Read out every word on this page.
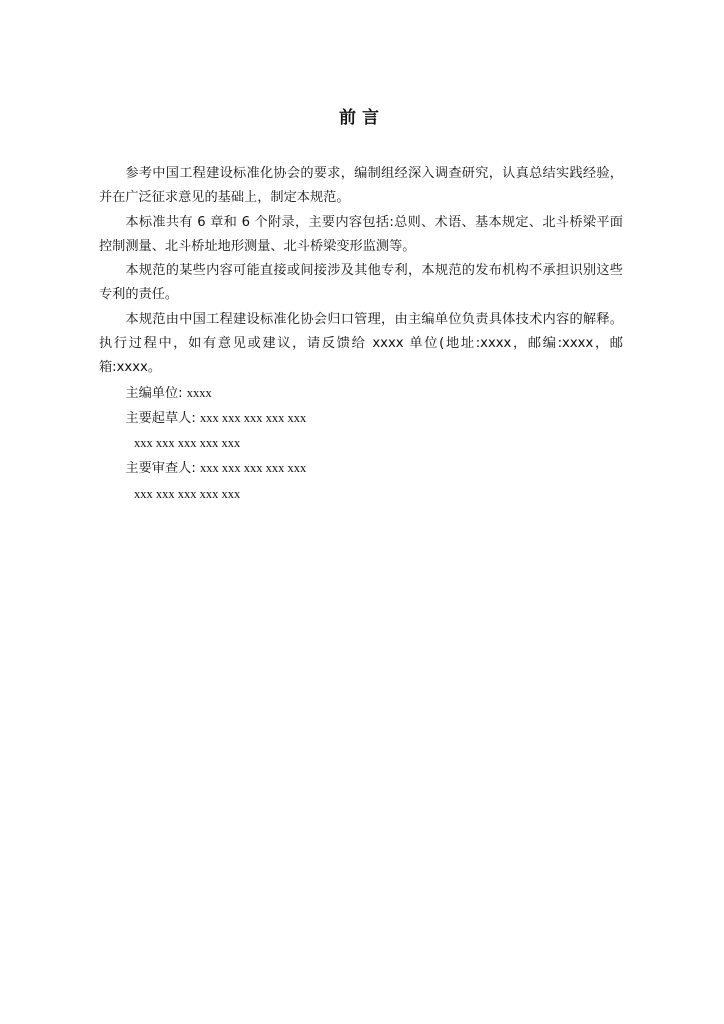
前言

参考中国工程建设标准化协会的要求，编制组经深入调查研究，认真总结实践经验，并在广泛征求意见的基础上，制定本规范。

本标准共有 6 章和 6 个附录，主要内容包括:总则、术语、基本规定、北斗桥梁平面控制测量、北斗桥址地形测量、北斗桥梁变形监测等。

本规范的某些内容可能直接或间接涉及其他专利，本规范的发布机构不承担识别这些专利的责任。

本规范由中国工程建设标准化协会归口管理，由主编单位负责具体技术内容的解释。执行过程中，如有意见或建议，请反馈给 xxxx 单位(地址:xxxx，邮编:xxxx，邮箱:xxxx。

主编单位: xxxx
主要起草人: xxx xxx xxx xxx xxx
xxx xxx xxx xxx xxx
主要审查人: xxx xxx xxx xxx xxx
xxx xxx xxx xxx xxx
